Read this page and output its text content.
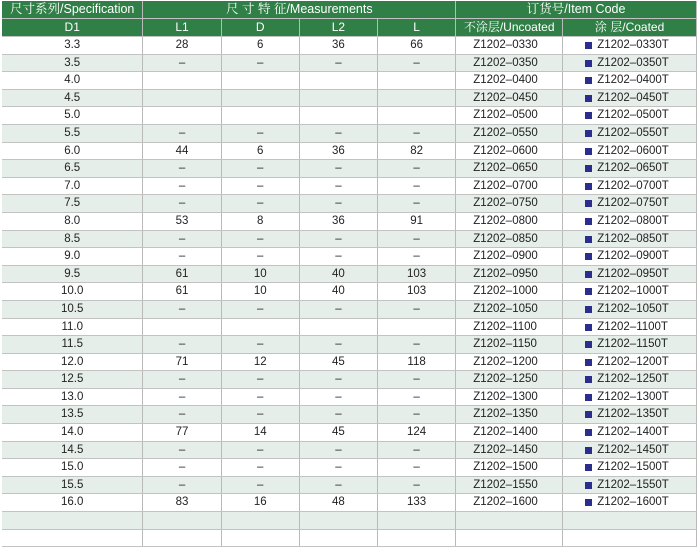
尺寸系列/Specification	尺 寸 特 征/Measurements				订货号/Item Code	
D1	L1	D	L2	L	不涂层/Uncoated	涂 层/Coated
3.3	28	6	36	66	Z1202–0330	Z1202–0330T
3.5	–	–	–	–	Z1202–0350	Z1202–0350T
4.0					Z1202–0400	Z1202–0400T
4.5					Z1202–0450	Z1202–0450T
5.0					Z1202–0500	Z1202–0500T
5.5	–	–	–	–	Z1202–0550	Z1202–0550T
6.0	44	6	36	82	Z1202–0600	Z1202–0600T
6.5	–	–	–	–	Z1202–0650	Z1202–0650T
7.0	–	–	–	–	Z1202–0700	Z1202–0700T
7.5	–	–	–	–	Z1202–0750	Z1202–0750T
8.0	53	8	36	91	Z1202–0800	Z1202–0800T
8.5	–	–	–	–	Z1202–0850	Z1202–0850T
9.0	–	–	–	–	Z1202–0900	Z1202–0900T
9.5	61	10	40	103	Z1202–0950	Z1202–0950T
10.0	61	10	40	103	Z1202–1000	Z1202–1000T
10.5	–	–	–	–	Z1202–1050	Z1202–1050T
11.0					Z1202–1100	Z1202–1100T
11.5	–	–	–	–	Z1202–1150	Z1202–1150T
12.0	71	12	45	118	Z1202–1200	Z1202–1200T
12.5	–	–	–	–	Z1202–1250	Z1202–1250T
13.0	–	–	–	–	Z1202–1300	Z1202–1300T
13.5	–	–	–	–	Z1202–1350	Z1202–1350T
14.0	77	14	45	124	Z1202–1400	Z1202–1400T
14.5	–	–	–	–	Z1202–1450	Z1202–1450T
15.0	–	–	–	–	Z1202–1500	Z1202–1500T
15.5	–	–	–	–	Z1202–1550	Z1202–1550T
16.0	83	16	48	133	Z1202–1600	Z1202–1600T
